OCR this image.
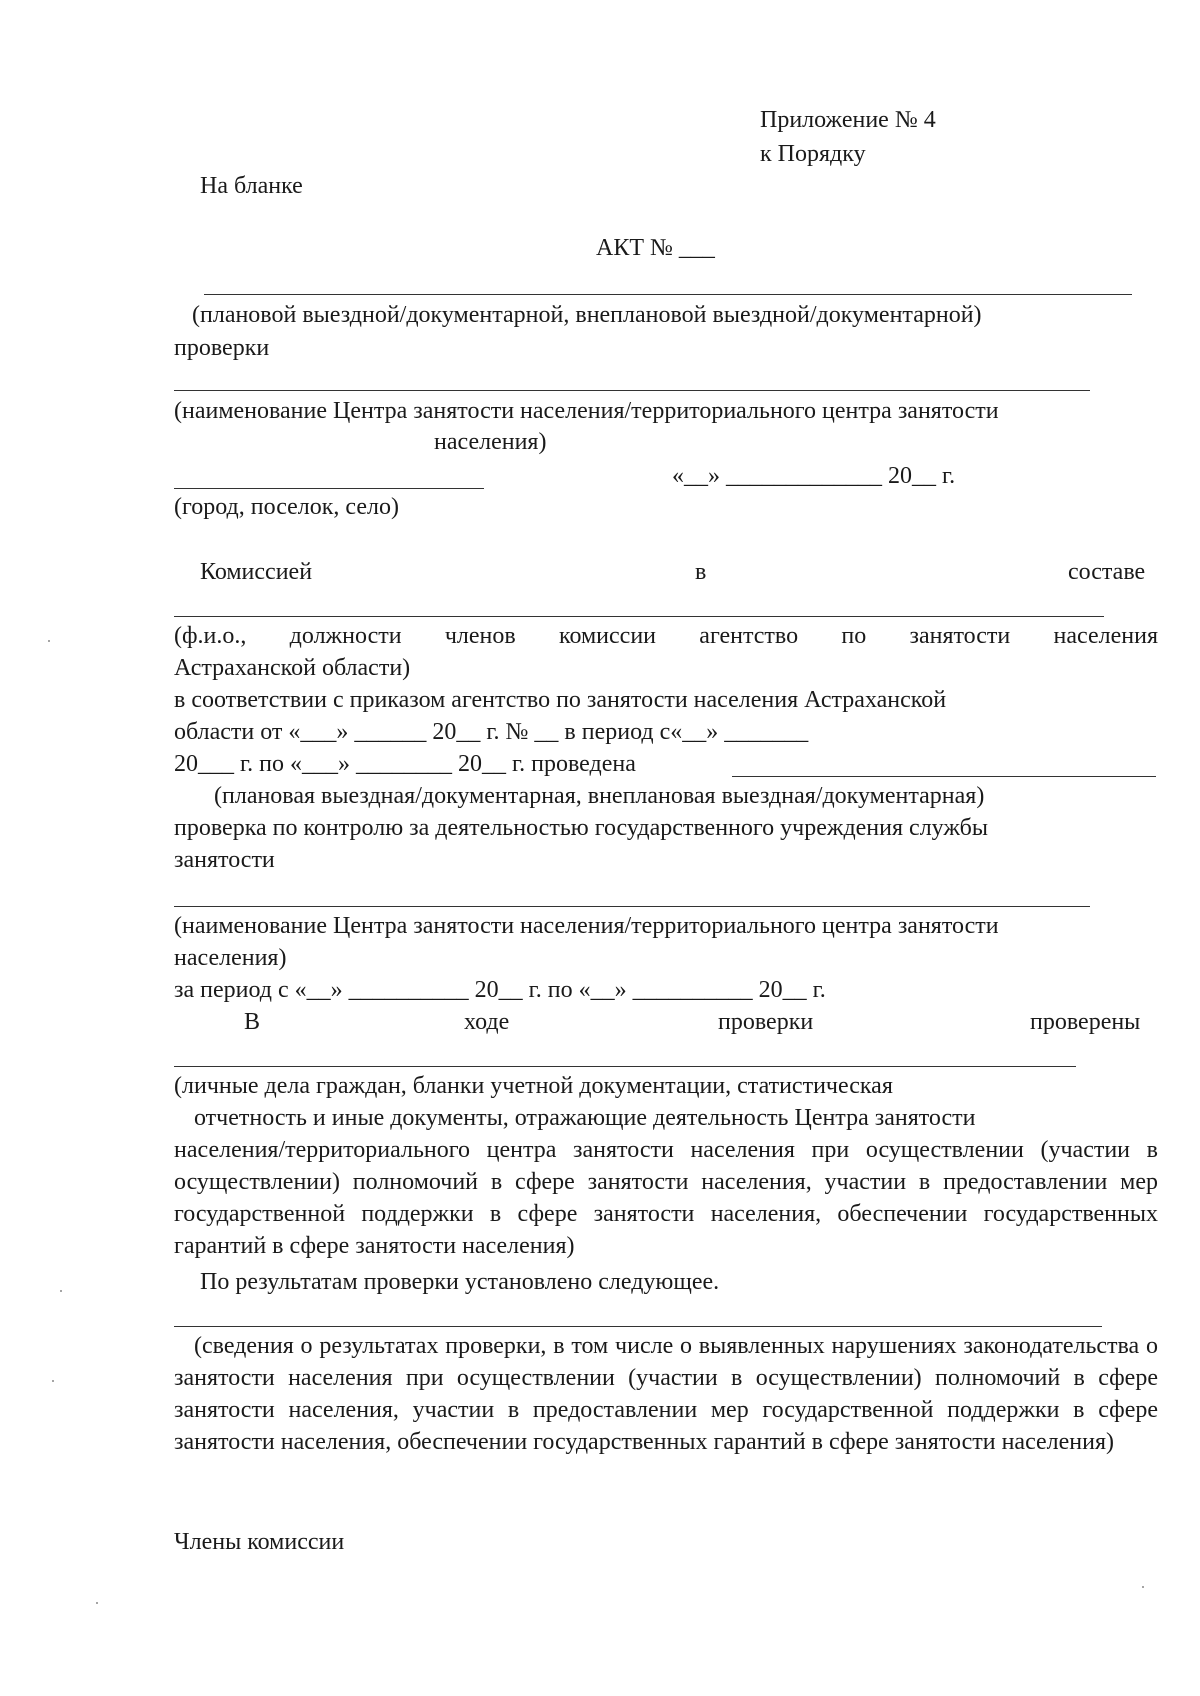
Приложение № 4
к Порядку
На бланке
АКТ № ___
(плановой выездной/документарной, внеплановой выездной/документарной)
проверки
(наименование Центра занятости населения/территориального центра занятости
населения)
«__» _____________ 20__ г.
(город, поселок, село)
Комиссией	в	составе
(ф.и.о., должности членов комиссии агентство по занятости населения
Астраханской области)
в соответствии с приказом агентство по занятости населения Астраханской
области от «___» ______ 20__ г. № __ в период с«__» _______
20___ г. по «___» ________ 20__ г. проведена
(плановая выездная/документарная, внеплановая выездная/документарная)
проверка по контролю за деятельностью государственного учреждения службы
занятости
(наименование Центра занятости населения/территориального центра занятости
населения)
за период с «__» __________ 20__ г. по «__» __________ 20__ г.
В	ходе	проверки	проверены
(личные дела граждан, бланки учетной документации, статистическая
отчетность и иные документы, отражающие деятельность Центра занятости
населения/территориального центра занятости населения при осуществлении (участии в осуществлении) полномочий в сфере занятости населения, участии в предоставлении мер государственной поддержки в сфере занятости населения, обеспечении государственных гарантий в сфере занятости населения)
По результатам проверки установлено следующее.
(сведения о результатах проверки, в том числе о выявленных нарушениях законодательства о занятости населения при осуществлении (участии в осуществлении) полномочий в сфере занятости населения, участии в предоставлении мер государственной поддержки в сфере занятости населения, обеспечении государственных гарантий в сфере занятости населения)
Члены комиссии
